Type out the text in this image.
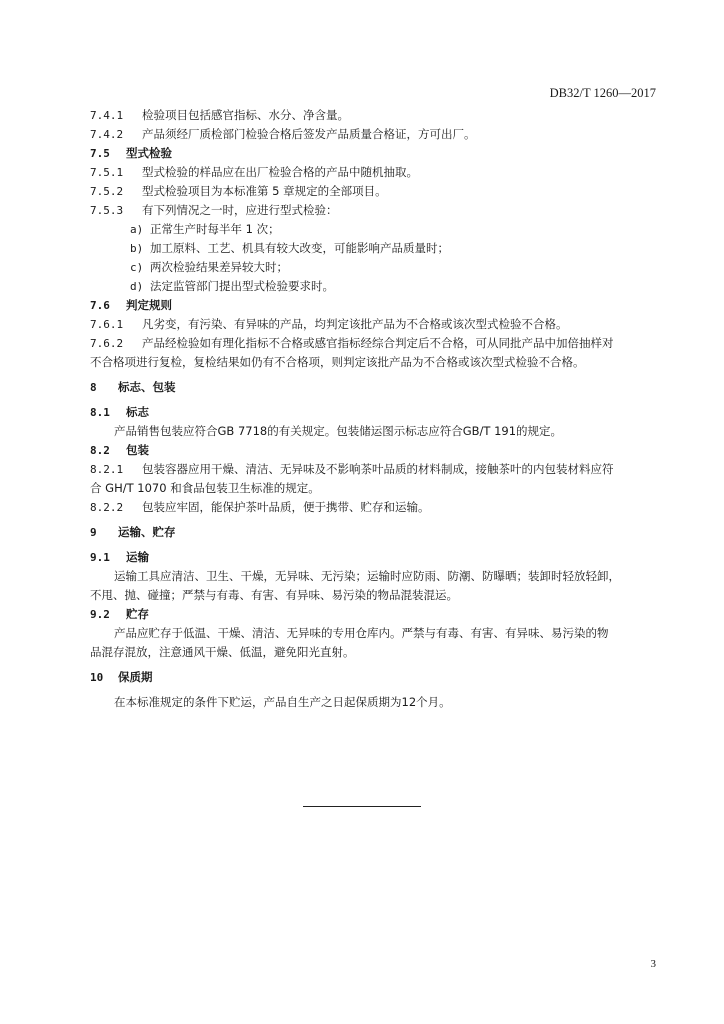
DB32/T 1260—2017
7.4.1 检验项目包括感官指标、水分、净含量。
7.4.2 产品须经厂质检部门检验合格后签发产品质量合格证，方可出厂。
7.5 型式检验
7.5.1 型式检验的样品应在出厂检验合格的产品中随机抽取。
7.5.2 型式检验项目为本标准第 5 章规定的全部项目。
7.5.3 有下列情况之一时，应进行型式检验：
a) 正常生产时每半年 1 次；
b) 加工原料、工艺、机具有较大改变，可能影响产品质量时；
c) 两次检验结果差异较大时；
d) 法定监管部门提出型式检验要求时。
7.6 判定规则
7.6.1 凡劣变，有污染、有异味的产品，均判定该批产品为不合格或该次型式检验不合格。
7.6.2 产品经检验如有理化指标不合格或感官指标经综合判定后不合格，可从同批产品中加倍抽样对
不合格项进行复检，复检结果如仍有不合格项，则判定该批产品为不合格或该次型式检验不合格。
8 标志、包装
8.1 标志
产品销售包装应符合GB 7718的有关规定。包装储运图示标志应符合GB/T 191的规定。
8.2 包装
8.2.1 包装容器应用干燥、清洁、无异味及不影响茶叶品质的材料制成，接触茶叶的内包装材料应符
合 GH/T 1070 和食品包装卫生标准的规定。
8.2.2 包装应牢固，能保护茶叶品质，便于携带、贮存和运输。
9 运输、贮存
9.1 运输
运输工具应清洁、卫生、干燥，无异味、无污染；运输时应防雨、防潮、防曝晒；装卸时轻放轻卸，
不甩、抛、碰撞；严禁与有毒、有害、有异味、易污染的物品混装混运。
9.2 贮存
产品应贮存于低温、干燥、清洁、无异味的专用仓库内。严禁与有毒、有害、有异味、易污染的物
品混存混放，注意通风干燥、低温，避免阳光直射。
10 保质期
在本标准规定的条件下贮运，产品自生产之日起保质期为12个月。
3
